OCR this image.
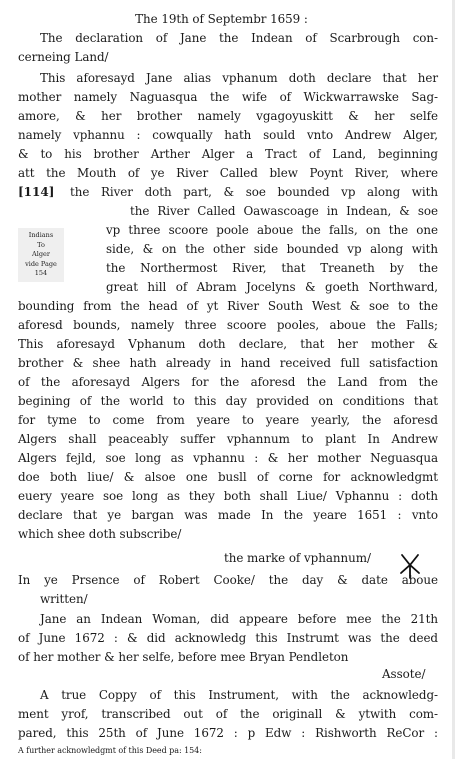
The 19th of Septembr 1659 :
The declaration of Jane the Indean of Scarbrough con-
cerneing Land/
This aforesayd Jane alias vphanum doth declare that her
mother namely Naguasqua the wife of Wickwarrawske Sag-
amore, & her brother namely vgagoyuskitt & her selfe
namely vphannu : cowqually hath sould vnto Andrew Alger,
& to his brother Arther Alger a Tract of Land, beginning
att the Mouth of ye River Called blew Poynt River, where
[114] the River doth part, & soe bounded vp along with
the River Called Oawascoage in Indean, & soe
Indians
To
Alger
vide Page
154
vp three scoore poole aboue the falls, on the one
side, & on the other side bounded vp along with
the Northermost River, that Treaneth by the
great hill of Abram Jocelyns & goeth Northward,
bounding from the head of yt River South West & soe to the
aforesd bounds, namely three scoore pooles, aboue the Falls;
This aforesayd Vphanum doth declare, that her mother &
brother & shee hath already in hand received full satisfaction
of the aforesayd Algers for the aforesd the Land from the
begining of the world to this day provided on conditions that
for tyme to come from yeare to yeare yearly, the aforesd
Algers shall peaceably suffer vphannum to plant In Andrew
Algers fejld, soe long as vphannu : & her mother Neguasqua
doe both liue/ & alsoe one busll of corne for acknowledgmt
euery yeare soe long as they both shall Liue/ Vphannu : doth
declare that ye bargan was made In the yeare 1651 : vnto
which shee doth subscribe/
the marke of vphannum/
In ye Prsence of Robert Cooke/ the day & date aboue
written/
Jane an Indean Woman, did appeare before mee the 21th
of June 1672 : & did acknowledg this Instrumt was the deed
of her mother & her selfe, before mee Bryan Pendleton
Assote/
A true Coppy of this Instrument, with the acknowledg-
ment yrof, transcribed out of the originall & ytwith com-
pared, this 25th of June 1672 : p Edw : Rishworth ReCor :
A further acknowledgmt of this Deed pa: 154:
